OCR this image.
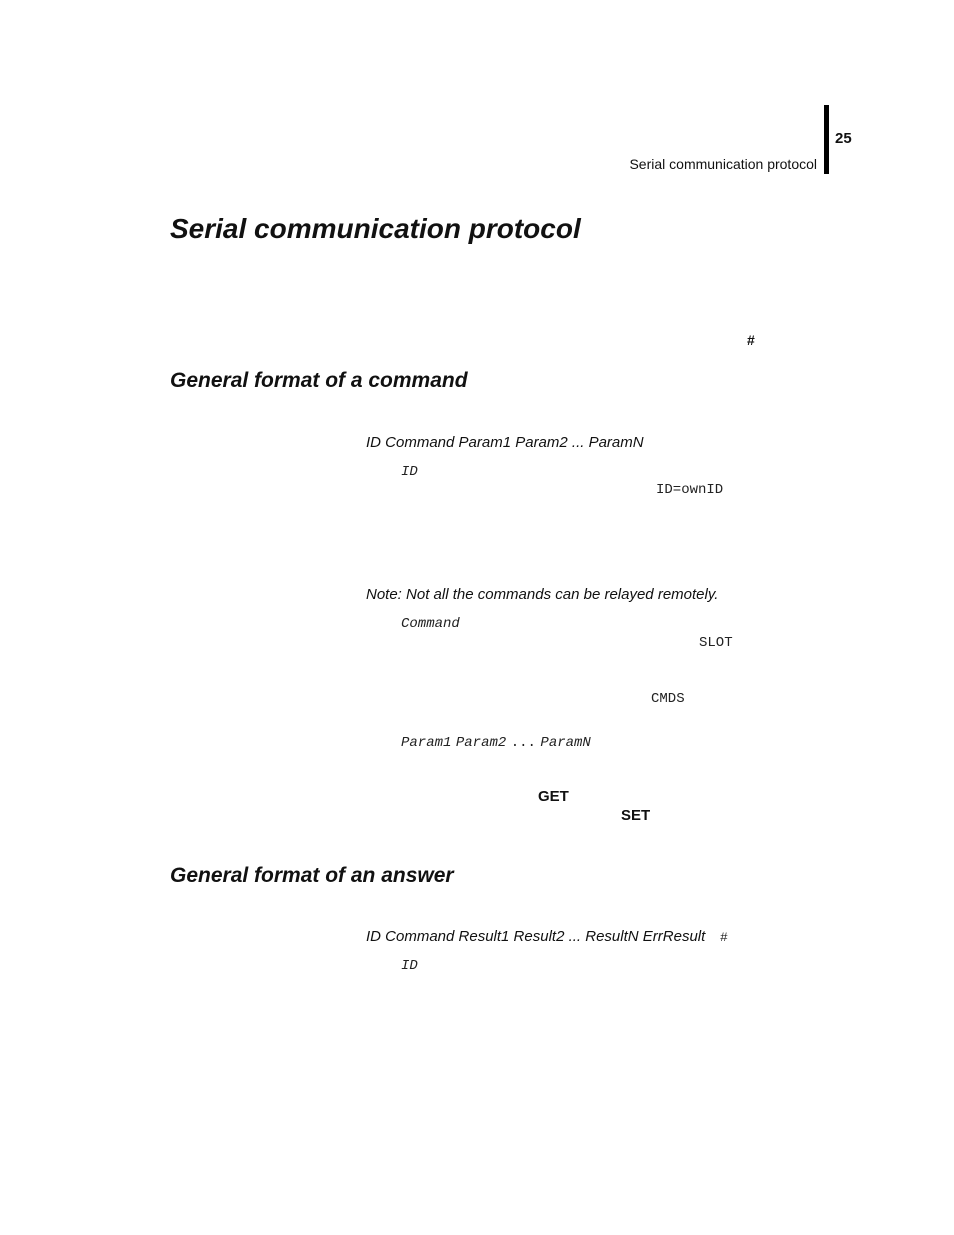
25
Serial communication protocol
Serial communication protocol
#
General format of a command
ID Command Param1 Param2 ... ParamN
ID
ID=ownID
Note: Not all the commands can be relayed remotely.
Command
SLOT
CMDS
Param1 Param2 ... ParamN
GET
SET
General format of an answer
ID Command Result1 Result2 ... ResultN ErrResult #
ID
